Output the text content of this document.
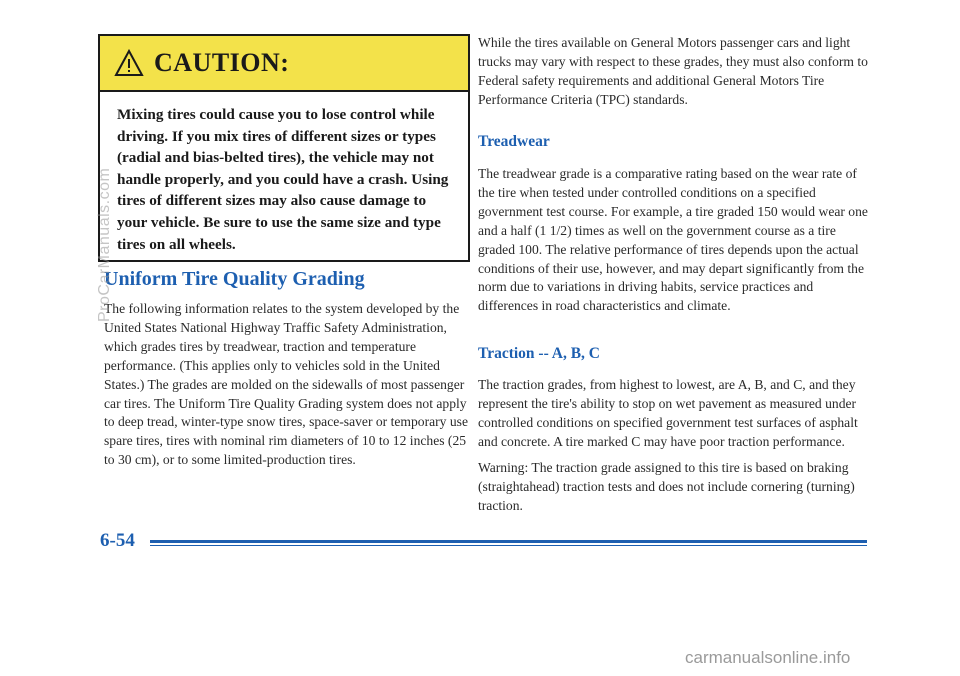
CAUTION:
Mixing tires could cause you to lose control while driving. If you mix tires of different sizes or types (radial and bias-belted tires), the vehicle may not handle properly, and you could have a crash. Using tires of different sizes may also cause damage to your vehicle. Be sure to use the same size and type tires on all wheels.
Uniform Tire Quality Grading
The following information relates to the system developed by the United States National Highway Traffic Safety Administration, which grades tires by treadwear, traction and temperature performance. (This applies only to vehicles sold in the United States.) The grades are molded on the sidewalls of most passenger car tires. The Uniform Tire Quality Grading system does not apply to deep tread, winter-type snow tires, space-saver or temporary use spare tires, tires with nominal rim diameters of 10 to 12 inches (25 to 30 cm), or to some limited-production tires.
While the tires available on General Motors passenger cars and light trucks may vary with respect to these grades, they must also conform to Federal safety requirements and additional General Motors Tire Performance Criteria (TPC) standards.
Treadwear
The treadwear grade is a comparative rating based on the wear rate of the tire when tested under controlled conditions on a specified government test course. For example, a tire graded 150 would wear one and a half (1 1/2) times as well on the government course as a tire graded 100. The relative performance of tires depends upon the actual conditions of their use, however, and may depart significantly from the norm due to variations in driving habits, service practices and differences in road characteristics and climate.
Traction -- A, B, C
The traction grades, from highest to lowest, are A, B, and C, and they represent the tire's ability to stop on wet pavement as measured under controlled conditions on specified government test surfaces of asphalt and concrete. A tire marked C may have poor traction performance.
Warning: The traction grade assigned to this tire is based on braking (straightahead) traction tests and does not include cornering (turning) traction.
6-54
ProCarManuals.com
carmanualsonline.info
